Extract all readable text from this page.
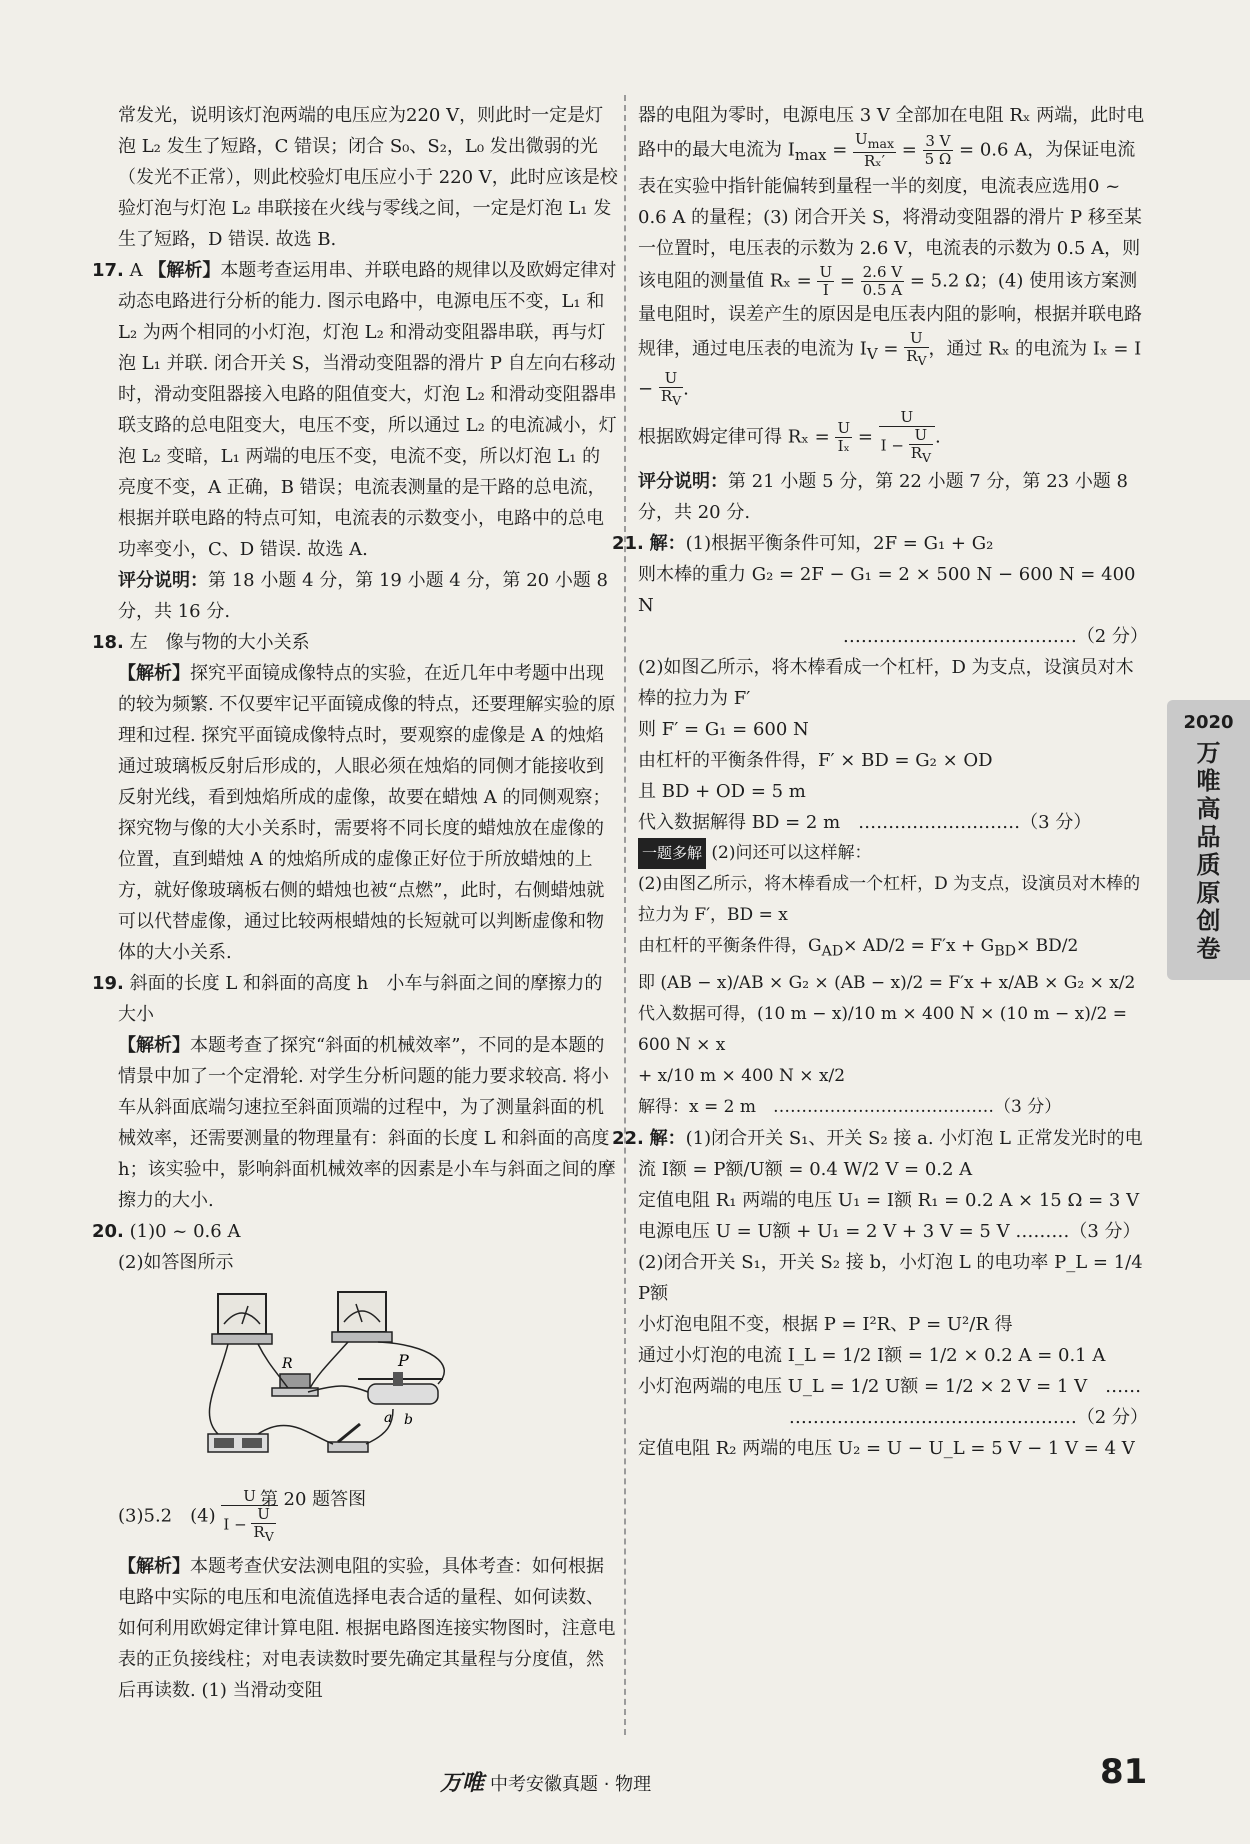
常发光，说明该灯泡两端的电压应为220 V，则此时一定是灯泡 L₂ 发生了短路，C 错误；闭合 S₀、S₂，L₀ 发出微弱的光（发光不正常），则此校验灯电压应小于 220 V，此时应该是校验灯泡与灯泡 L₂ 串联接在火线与零线之间，一定是灯泡 L₁ 发生了短路，D 错误. 故选 B.

17. A 【解析】本题考查运用串、并联电路的规律以及欧姆定律对动态电路进行分析的能力. 图示电路中，电源电压不变，L₁ 和 L₂ 为两个相同的小灯泡，灯泡 L₂ 和滑动变阻器串联，再与灯泡 L₁ 并联. 闭合开关 S，当滑动变阻器的滑片 P 自左向右移动时，滑动变阻器接入电路的阻值变大，灯泡 L₂ 和滑动变阻器串联支路的总电阻变大，电压不变，所以通过 L₂ 的电流减小，灯泡 L₂ 变暗，L₁ 两端的电压不变，电流不变，所以灯泡 L₁ 的亮度不变，A 正确，B 错误；电流表测量的是干路的总电流，根据并联电路的特点可知，电流表的示数变小，电路中的总电功率变小，C、D 错误. 故选 A.

评分说明：第 18 小题 4 分，第 19 小题 4 分，第 20 小题 8 分，共 16 分.

18. 左　像与物的大小关系
【解析】探究平面镜成像特点的实验，在近几年中考题中出现的较为频繁. 不仅要牢记平面镜成像的特点，还要理解实验的原理和过程. 探究平面镜成像特点时，要观察的虚像是 A 的烛焰通过玻璃板反射后形成的，人眼必须在烛焰的同侧才能接收到反射光线，看到烛焰所成的虚像，故要在蜡烛 A 的同侧观察；探究物与像的大小关系时，需要将不同长度的蜡烛放在虚像的位置，直到蜡烛 A 的烛焰所成的虚像正好位于所放蜡烛的上方，就好像玻璃板右侧的蜡烛也被“点燃”，此时，右侧蜡烛就可以代替虚像，通过比较两根蜡烛的长短就可以判断虚像和物体的大小关系.

19. 斜面的长度 L 和斜面的高度 h　小车与斜面之间的摩擦力的大小
【解析】本题考查了探究“斜面的机械效率”，不同的是本题的情景中加了一个定滑轮. 对学生分析问题的能力要求较高. 将小车从斜面底端匀速拉至斜面顶端的过程中，为了测量斜面的机械效率，还需要测量的物理量有：斜面的长度 L 和斜面的高度 h；该实验中，影响斜面机械效率的因素是小车与斜面之间的摩擦力的大小.

20. (1)0 ~ 0.6 A
(2)如答图所示

R	P
a b
第 20 题答图

(3)5.2　$(4) \frac{U}{I - \frac{U}{R_V}}$

【解析】本题考查伏安法测电阻的实验，具体考查：如何根据电路中实际的电压和电流值选择电表合适的量程、如何读数、如何利用欧姆定律计算电阻. 根据电路图连接实物图时，注意电表的正负接线柱；对电表读数时要先确定其量程与分度值，然后再读数. (1) 当滑动变阻

器的电阻为零时，电源电压 3 V 全部加在电阻 Rₓ 两端，此时电路中的最大电流为 $I_{max} = \frac{U_{max}}{\text{Rₓ′}} = \frac{3 V}{5 \Omega} = 0.6$ A，为保证电流表在实验中指针能偏转到量程一半的刻度，电流表应选用0 ~ 0.6 A 的量程；(3) 闭合开关 S，将滑动变阻器的滑片 P 移至某一位置时，电压表的示数为 2.6 V，电流表的示数为 0.5 A，则该电阻的测量值 $R_x = \frac{U}{I} = \frac{2.6 V}{0.5 A} = 5.2$ Ω；(4) 使用该方案测量电阻时，误差产生的原因是电压表内阻的影响，根据并联电路规律，通过电压表的电流为 $I_V = \frac{U}{R_V}$ ，通过 Rₓ 的电流为 $I_x = I - \frac{U}{R_V}$ .

根据欧姆定律可得 $R_x = \frac{U}{\text{Iₓ}} = \frac{U}{I - \frac{U}{R_V}}$ .

评分说明：第 21 小题 5 分，第 22 小题 7 分，第 23 小题 8 分，共 20 分.

21. 解：(1)根据平衡条件可知，2F = G₁ + G₂
则木棒的重力 G₂ = 2F − G₁ = 2 × 500 N − 600 N = 400 N

…………………………………（2 分）
(2)如图乙所示，将木棒看成一个杠杆，D 为支点，设演员对木棒的拉力为 F′
则 F′ = G₁ = 600 N
由杠杆的平衡条件得，F′ × BD = G₂ × OD
且 BD + OD = 5 m
代入数据解得 BD = 2 m　………………………（3 分）

一题多解 (2)问还可以这样解：
(2)由图乙所示，将木棒看成一个杠杆，D 为支点，设演员对木棒的拉力为 F′，BD = x
由杠杆的平衡条件得，$G_{AD}\times AD/2 = F'x + G_{BD}\times BD/2$
即 (AB − x)/AB × G₂ × (AB − x)/2 = F′x + x/AB × G₂ × x/2
代入数据可得，(10 m − x)/10 m × 400 N × (10 m − x)/2 = 600 N × x
+ x/10 m × 400 N × x/2
解得：x = 2 m　…………………………………（3 分）

22. 解：(1)闭合开关 S₁、开关 S₂ 接 a. 小灯泡 L 正常发光时的电流 I额 = P额/U额 = 0.4 W/2 V = 0.2 A
定值电阻 R₁ 两端的电压 U₁ = I额 R₁ = 0.2 A × 15 Ω = 3 V
电源电压 U = U额 + U₁ = 2 V + 3 V = 5 V ………（3 分）
(2)闭合开关 S₁，开关 S₂ 接 b，小灯泡 L 的电功率 P_L = 1/4 P额
小灯泡电阻不变，根据 P = I²R、P = U²/R 得
通过小灯泡的电流 I_L = 1/2 I额 = 1/2 × 0.2 A = 0.1 A
小灯泡两端的电压 U_L = 1/2 U额 = 1/2 × 2 V = 1 V　……

…………………………………………（2 分）
定值电阻 R₂ 两端的电压 U₂ = U − U_L = 5 V − 1 V = 4 V

2020
万唯高品质原创卷
万唯 中考安徽真题 · 物理	81
